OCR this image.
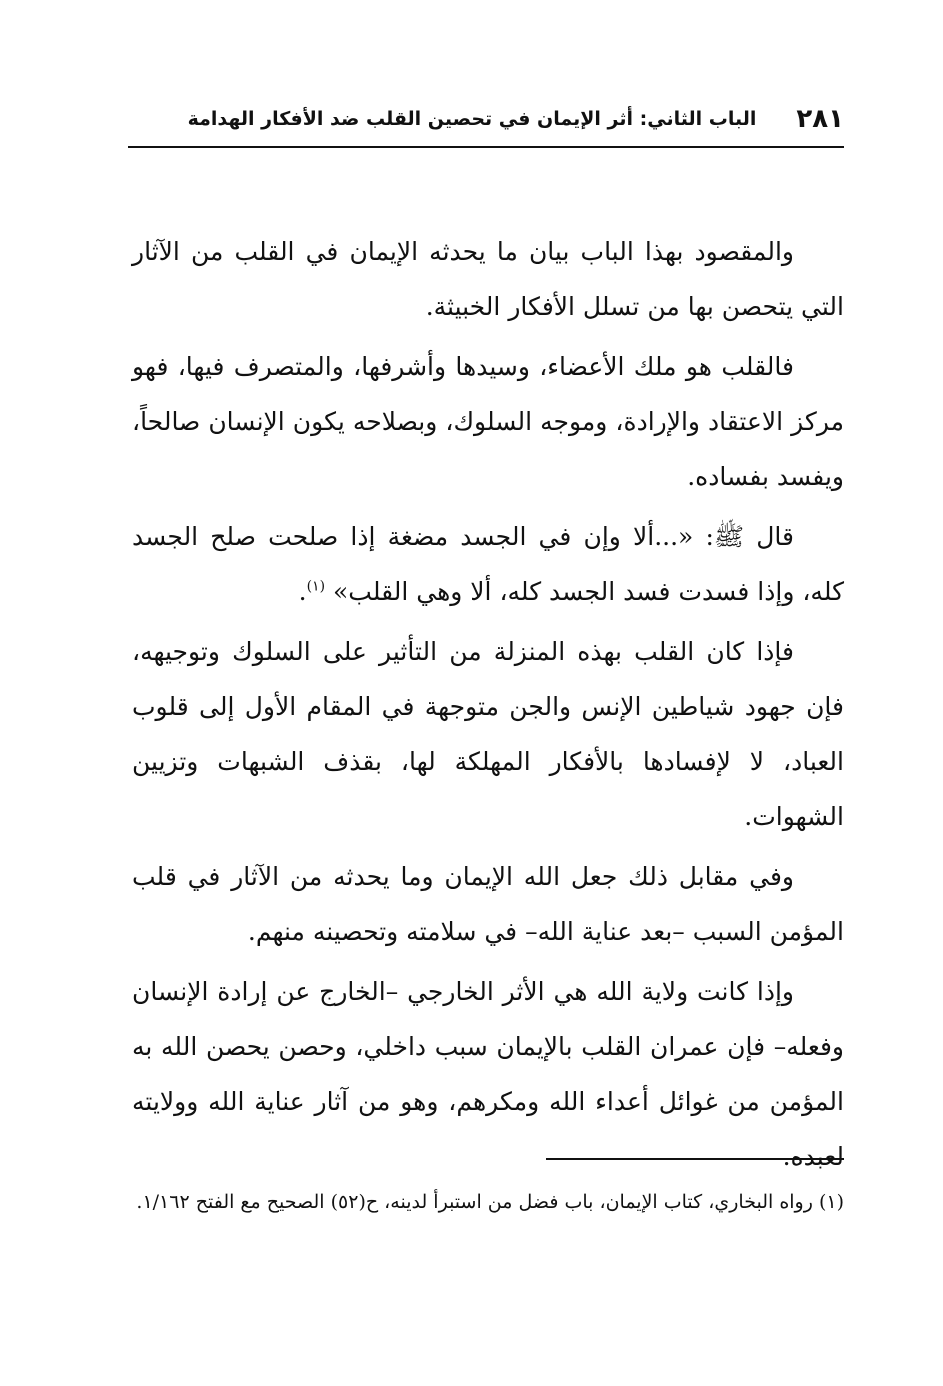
٢٨١
الباب الثاني: أثر الإيمان في تحصين القلب ضد الأفكار الهدامة

والمقصود بهذا الباب بيان ما يحدثه الإيمان في القلب من الآثار التي يتحصن بها من تسلل الأفكار الخبيثة.

فالقلب هو ملك الأعضاء، وسيدها وأشرفها، والمتصرف فيها، فهو مركز الاعتقاد والإرادة، وموجه السلوك، وبصلاحه يكون الإنسان صالحاً، ويفسد بفساده.

قال ﷺ: «...ألا وإن في الجسد مضغة إذا صلحت صلح الجسد كله، وإذا فسدت فسد الجسد كله، ألا وهي القلب» $^{(١)}$.

فإذا كان القلب بهذه المنزلة من التأثير على السلوك وتوجيهه، فإن جهود شياطين الإنس والجن متوجهة في المقام الأول إلى قلوب العباد، لا لإفسادها بالأفكار المهلكة لها، بقذف الشبهات وتزيين الشهوات.

وفي مقابل ذلك جعل الله الإيمان وما يحدثه من الآثار في قلب المؤمن السبب –بعد عناية الله– في سلامته وتحصينه منهم.

وإذا كانت ولاية الله هي الأثر الخارجي –الخارج عن إرادة الإنسان وفعله– فإن عمران القلب بالإيمان سبب داخلي، وحصن يحصن الله به المؤمن من غوائل أعداء الله ومكرهم، وهو من آثار عناية الله وولايته لعبده.

(١) رواه البخاري، كتاب الإيمان، باب فضل من استبرأ لدينه، ح(٥٢) الصحيح مع الفتح ١/١٦٢.
